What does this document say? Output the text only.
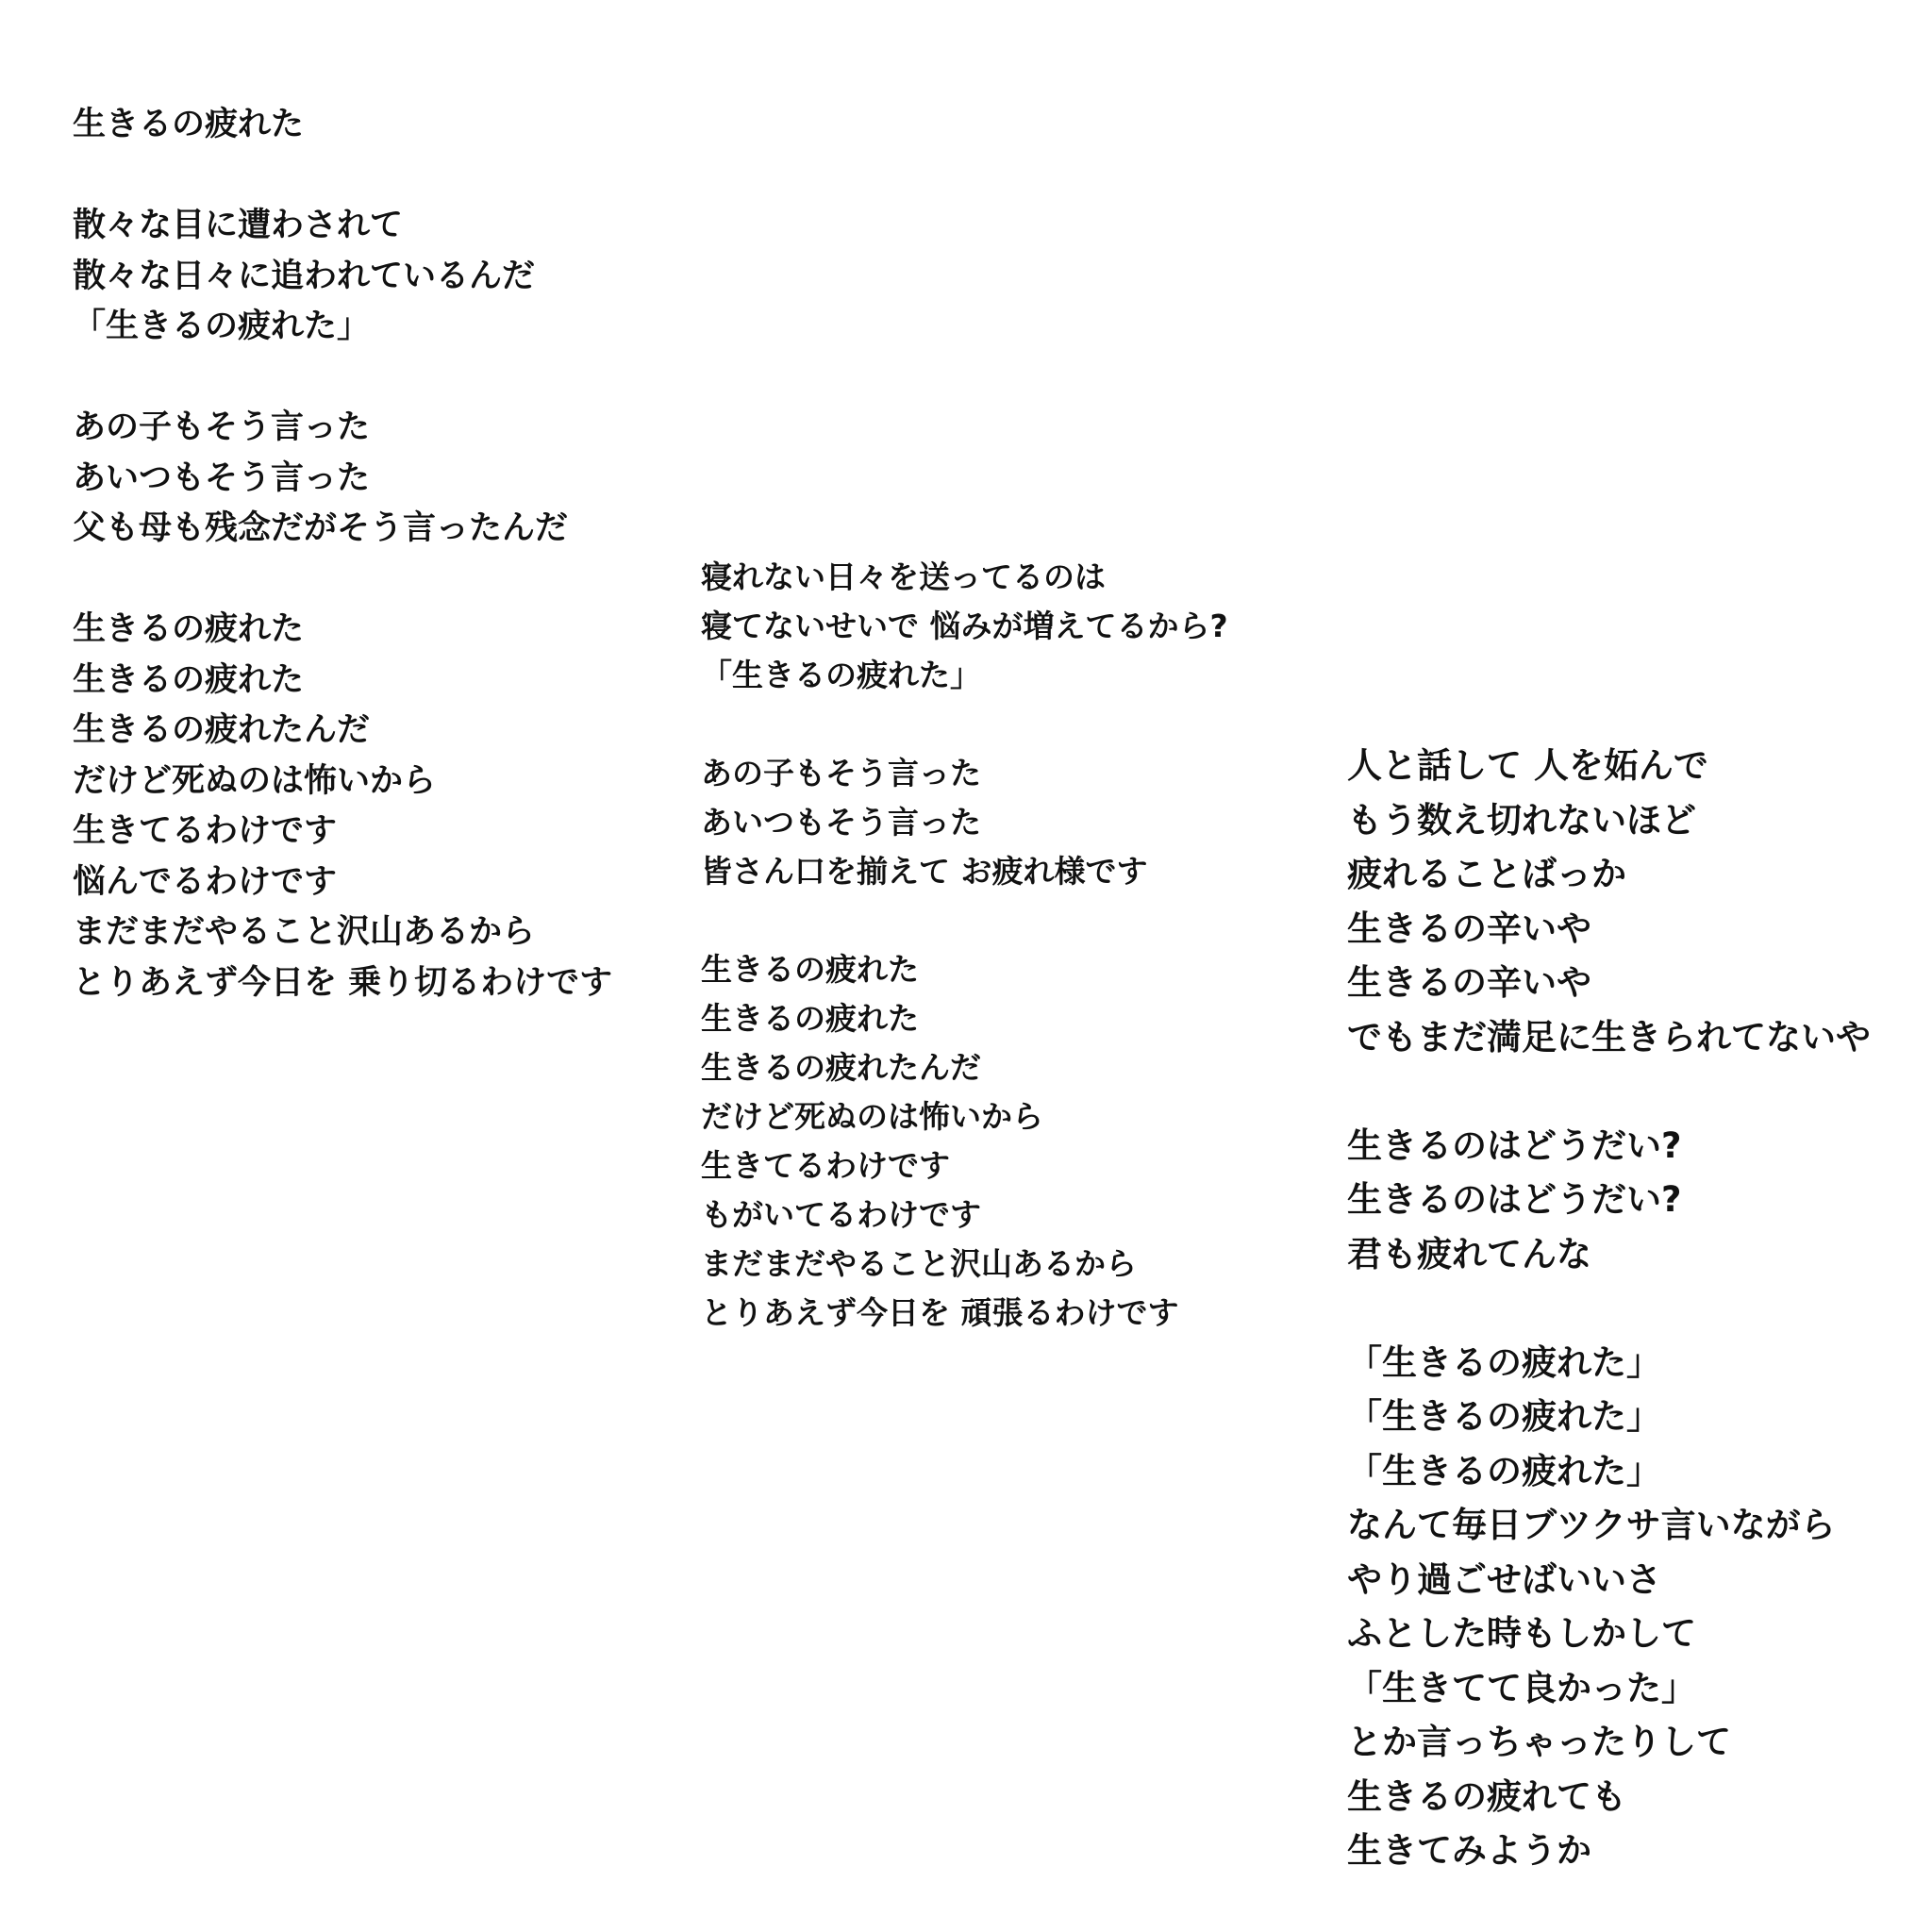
生きるの疲れた

散々な目に遭わされて
散々な日々に追われているんだ
「生きるの疲れた」

あの子もそう言った
あいつもそう言った
父も母も残念だがそう言ったんだ

生きるの疲れた
生きるの疲れた
生きるの疲れたんだ
だけど死ぬのは怖いから
生きてるわけです
悩んでるわけです
まだまだやること沢山あるから
とりあえず今日を 乗り切るわけです
寝れない日々を送ってるのは
寝てないせいで 悩みが増えてるから?
「生きるの疲れた」

あの子もそう言った
あいつもそう言った
皆さん口を揃えて お疲れ様です

生きるの疲れた
生きるの疲れた
生きるの疲れたんだ
だけど死ぬのは怖いから
生きてるわけです
もがいてるわけです
まだまだやること沢山あるから
とりあえず今日を 頑張るわけです
人と話して 人を妬んで
もう数え切れないほど
疲れることばっか
生きるの辛いや
生きるの辛いや
でもまだ満足に生きられてないや

生きるのはどうだい?
生きるのはどうだい?
君も疲れてんな

「生きるの疲れた」
「生きるの疲れた」
「生きるの疲れた」
なんて毎日ブツクサ言いながら
やり過ごせばいいさ
ふとした時もしかして
「生きてて良かった」
とか言っちゃったりして
生きるの疲れても
生きてみようか
